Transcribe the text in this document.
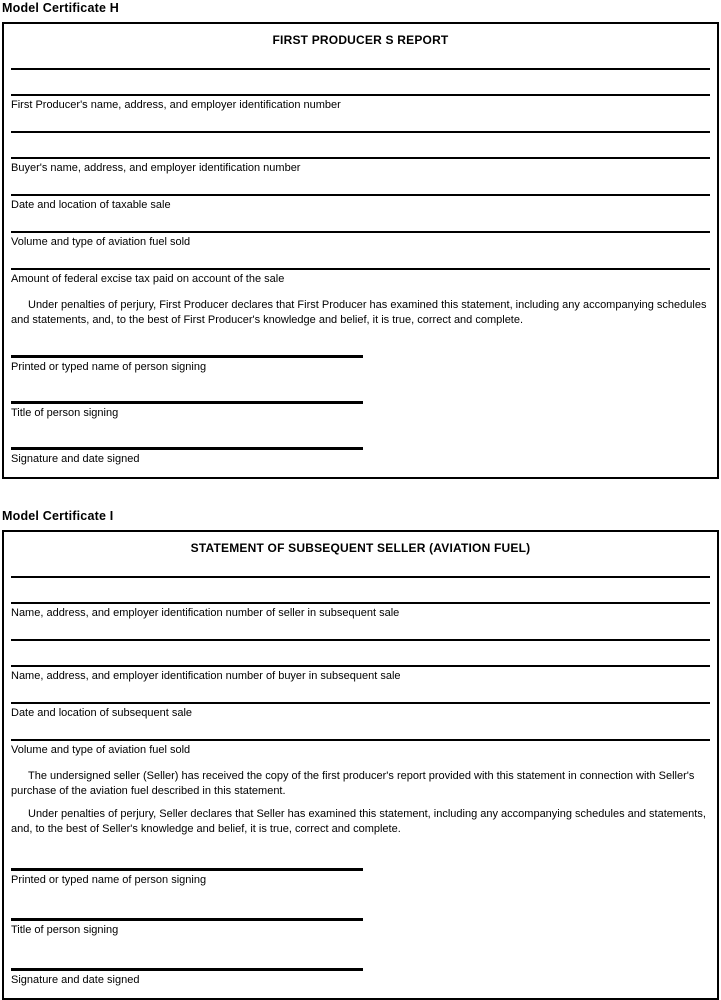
Model Certificate H
FIRST PRODUCER S REPORT
First Producer's name, address, and employer identification number
Buyer's name, address, and employer identification number
Date and location of taxable sale
Volume and type of aviation fuel sold
Amount of federal excise tax paid on account of the sale

Under penalties of perjury, First Producer declares that First Producer has examined this statement, including any accompanying schedules and statements, and, to the best of First Producer's knowledge and belief, it is true, correct and complete.

Printed or typed name of person signing
Title of person signing
Signature and date signed
Model Certificate I
STATEMENT OF SUBSEQUENT SELLER (AVIATION FUEL)
Name, address, and employer identification number of seller in subsequent sale
Name, address, and employer identification number of buyer in subsequent sale
Date and location of subsequent sale
Volume and type of aviation fuel sold

The undersigned seller (Seller) has received the copy of the first producer's report provided with this statement in connection with Seller's purchase of the aviation fuel described in this statement.

Under penalties of perjury, Seller declares that Seller has examined this statement, including any accompanying schedules and statements, and, to the best of Seller's knowledge and belief, it is true, correct and complete.

Printed or typed name of person signing
Title of person signing
Signature and date signed
